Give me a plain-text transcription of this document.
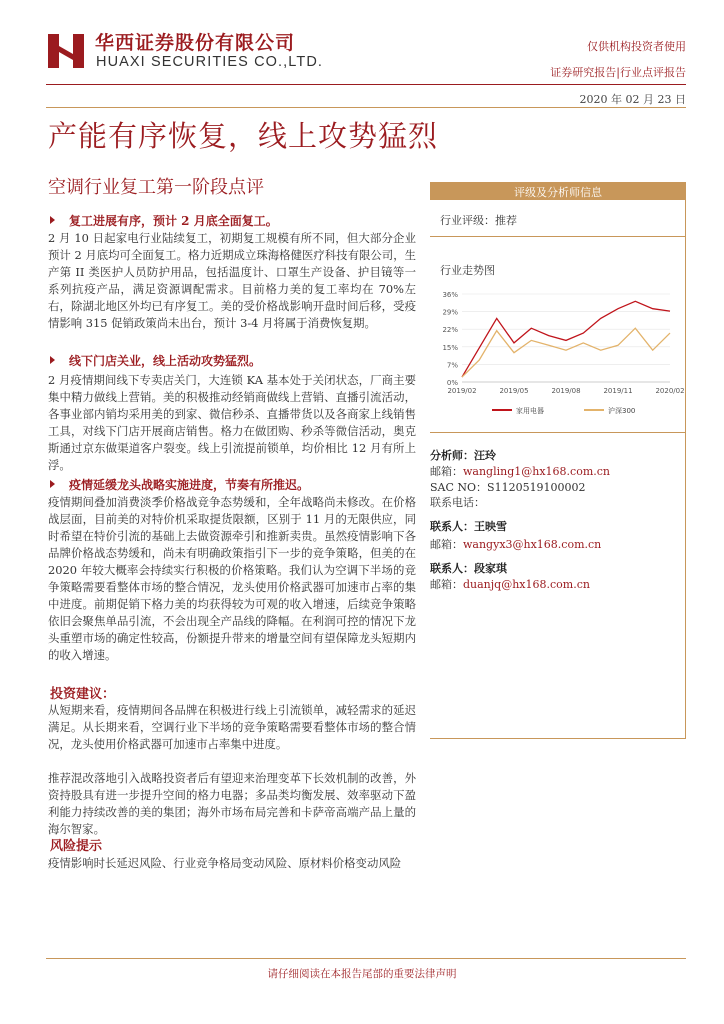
华西证券股份有限公司
HUAXI SECURITIES CO.,LTD.
仅供机构投资者使用
证券研究报告|行业点评报告
2020 年 02 月 23 日
产能有序恢复，线上攻势猛烈
空调行业复工第一阶段点评
复工进展有序，预计 2 月底全面复工。
2 月 10 日起家电行业陆续复工，初期复工规模有所不同，但大部分企业预计 2 月底均可全面复工。格力近期成立珠海格健医疗科技有限公司，生产第 II 类医护人员防护用品，包括温度计、口罩生产设备、护目镜等一系列抗疫产品，满足资源调配需求。目前格力美的复工率均在 70%左右，除湖北地区外均已有序复工。美的受价格战影响开盘时间后移，受疫情影响 315 促销政策尚未出台，预计 3-4 月将属于消费恢复期。
线下门店关业，线上活动攻势猛烈。
2 月疫情期间线下专卖店关门，大连锁 KA 基本处于关闭状态，厂商主要集中精力做线上营销。美的积极推动经销商做线上营销、直播引流活动，各事业部内销均采用美的到家、微信秒杀、直播带货以及各商家上线销售工具，对线下门店开展商店销售。格力在做团购、秒杀等微信活动，奥克斯通过京东做渠道客户裂变。线上引流提前锁单，均价相比 12 月有所上浮。
疫情延缓龙头战略实施进度，节奏有所推迟。
疫情期间叠加消费淡季价格战竞争态势缓和，全年战略尚未修改。在价格战层面，目前美的对特价机采取提货限额，区别于 11 月的无限供应，同时希望在特价引流的基础上去做资源牵引和推新卖贵。虽然疫情影响下各品牌价格战态势缓和，尚未有明确政策指引下一步的竞争策略，但美的在 2020 年较大概率会持续实行积极的价格策略。我们认为空调下半场的竞争策略需要看整体市场的整合情况，龙头使用价格武器可加速市占率的集中进度。前期促销下格力美的均获得较为可观的收入增速，后续竞争策略依旧会聚焦单品引流，不会出现全产品线的降幅。在利润可控的情况下龙头重塑市场的确定性较高，份额提升带来的增量空间有望保障龙头短期内的收入增速。
投资建议：
从短期来看，疫情期间各品牌在积极进行线上引流锁单，减轻需求的延迟满足。从长期来看，空调行业下半场的竞争策略需要看整体市场的整合情况，龙头使用价格武器可加速市占率集中进度。
推荐混改落地引入战略投资者后有望迎来治理变革下长效机制的改善，外资持股具有进一步提升空间的格力电器；多品类均衡发展、效率驱动下盈利能力持续改善的美的集团；海外市场布局完善和卡萨帝高端产品上量的海尔智家。
风险提示
疫情影响时长延迟风险、行业竞争格局变动风险、原材料价格变动风险
评级及分析师信息
行业评级：推荐
行业走势图
0%
7%
15%
22%
29%
36%
2019/02	2019/05	2019/08	2019/11	2020/02
家用电器	沪深300
分析师：汪玲
邮箱：wangling1@hx168.com.cn
SAC NO：S1120519100002
联系电话：
联系人：王映雪
邮箱：wangyx3@hx168.com.cn
联系人：段家琪
邮箱：duanjq@hx168.com.cn
请仔细阅读在本报告尾部的重要法律声明
